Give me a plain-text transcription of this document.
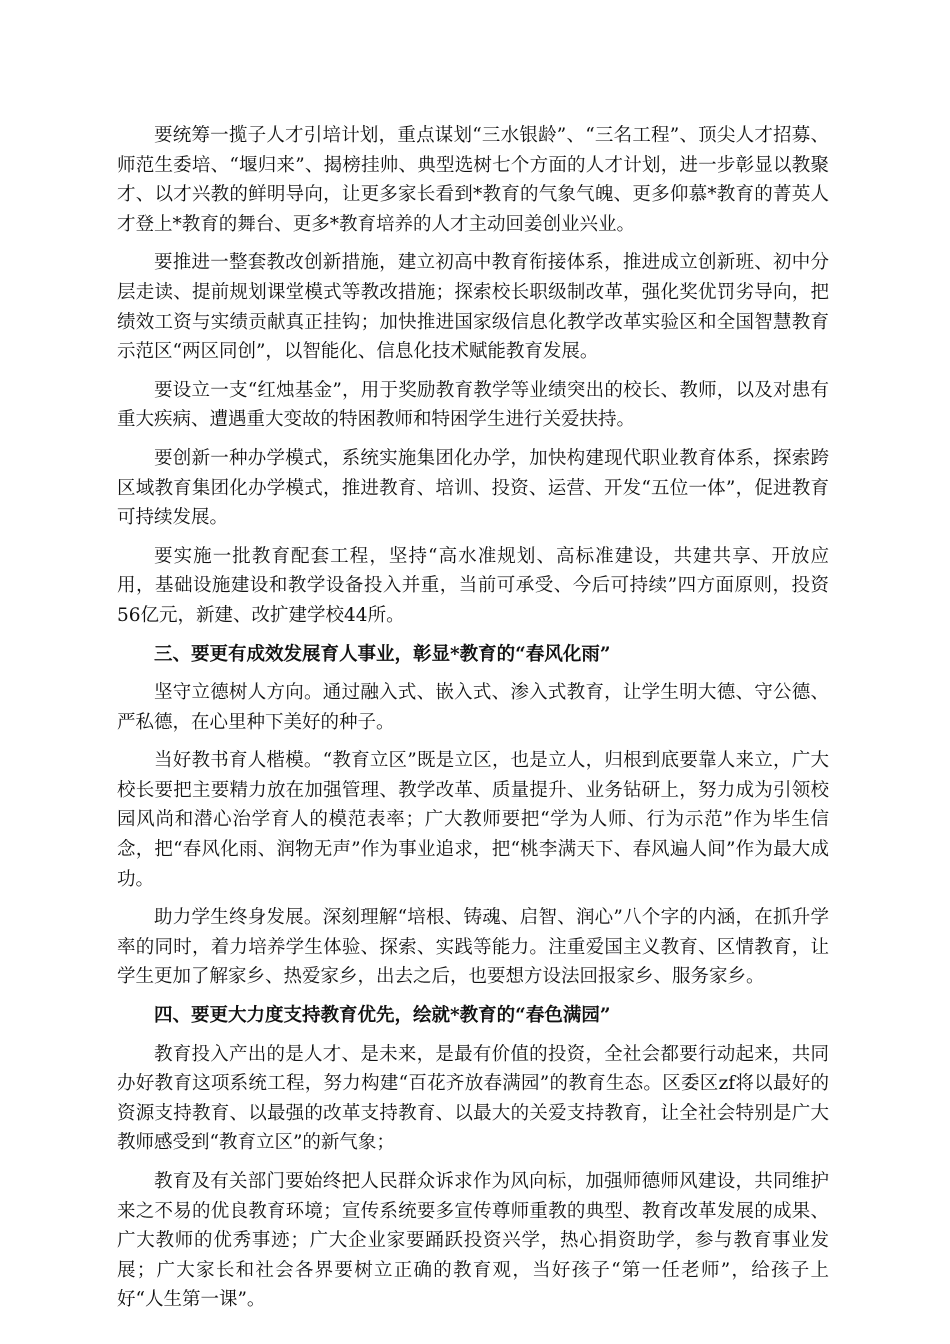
要统筹一揽子人才引培计划，重点谋划“三水银龄”、“三名工程”、顶尖人才招募、师范生委培、“堰归来”、揭榜挂帅、典型选树七个方面的人才计划，进一步彰显以教聚才、以才兴教的鲜明导向，让更多家长看到*教育的气象气魄、更多仰慕*教育的菁英人才登上*教育的舞台、更多*教育培养的人才主动回姜创业兴业。

要推进一整套教改创新措施，建立初高中教育衔接体系，推进成立创新班、初中分层走读、提前规划课堂模式等教改措施；探索校长职级制改革，强化奖优罚劣导向，把绩效工资与实绩贡献真正挂钩；加快推进国家级信息化教学改革实验区和全国智慧教育示范区“两区同创”，以智能化、信息化技术赋能教育发展。

要设立一支“红烛基金”，用于奖励教育教学等业绩突出的校长、教师，以及对患有重大疾病、遭遇重大变故的特困教师和特困学生进行关爱扶持。

要创新一种办学模式，系统实施集团化办学，加快构建现代职业教育体系，探索跨区域教育集团化办学模式，推进教育、培训、投资、运营、开发“五位一体”，促进教育可持续发展。

要实施一批教育配套工程，坚持“高水准规划、高标准建设，共建共享、开放应用，基础设施建设和教学设备投入并重，当前可承受、今后可持续”四方面原则，投资56亿元，新建、改扩建学校44所。

三、要更有成效发展育人事业，彰显*教育的“春风化雨”

坚守立德树人方向。通过融入式、嵌入式、渗入式教育，让学生明大德、守公德、严私德，在心里种下美好的种子。

当好教书育人楷模。“教育立区”既是立区，也是立人，归根到底要靠人来立，广大校长要把主要精力放在加强管理、教学改革、质量提升、业务钻研上，努力成为引领校园风尚和潜心治学育人的模范表率；广大教师要把“学为人师、行为示范”作为毕生信念，把“春风化雨、润物无声”作为事业追求，把“桃李满天下、春风遍人间”作为最大成功。

助力学生终身发展。深刻理解“培根、铸魂、启智、润心”八个字的内涵，在抓升学率的同时，着力培养学生体验、探索、实践等能力。注重爱国主义教育、区情教育，让学生更加了解家乡、热爱家乡，出去之后，也要想方设法回报家乡、服务家乡。

四、要更大力度支持教育优先，绘就*教育的“春色满园”

教育投入产出的是人才、是未来，是最有价值的投资，全社会都要行动起来，共同办好教育这项系统工程，努力构建“百花齐放春满园”的教育生态。区委区zf将以最好的资源支持教育、以最强的改革支持教育、以最大的关爱支持教育，让全社会特别是广大教师感受到“教育立区”的新气象；

教育及有关部门要始终把人民群众诉求作为风向标，加强师德师风建设，共同维护来之不易的优良教育环境；宣传系统要多宣传尊师重教的典型、教育改革发展的成果、广大教师的优秀事迹；广大企业家要踊跃投资兴学，热心捐资助学，参与教育事业发展；广大家长和社会各界要树立正确的教育观，当好孩子“第一任老师”，给孩子上好“人生第一课”。
